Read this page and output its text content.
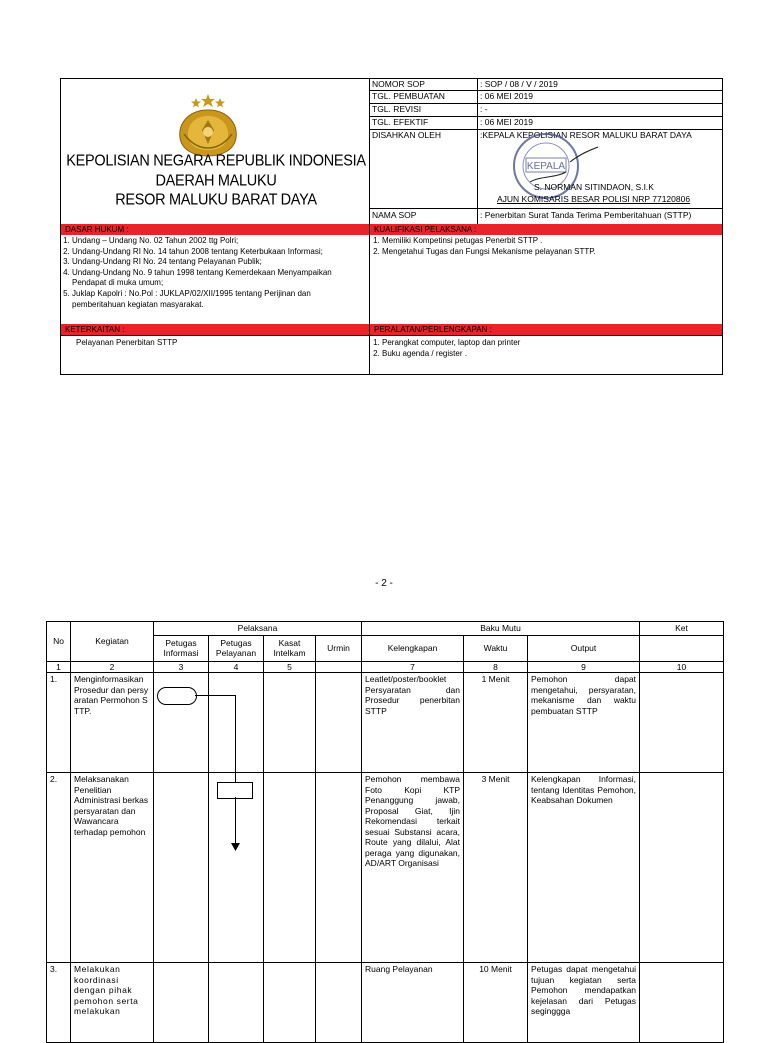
KEPOLISIAN NEGARA REPUBLIK INDONESIA
DAERAH MALUKU
RESOR MALUKU BARAT DAYA
NOMOR SOP	: SOP / 08 / V / 2019
TGL. PEMBUATAN	: 06 MEI 2019
TGL. REVISI	: -
TGL. EFEKTIF	: 06 MEI 2019
DISAHKAN OLEH	:KEPALA KEPOLISIAN RESOR MALUKU BARAT DAYA
KEPALA
S. NORMAN SITINDAON, S.I.K
AJUN KOMISARIS BESAR POLISI NRP 77120806
NAMA SOP	: Penerbitan Surat Tanda Terima Pemberitahuan (STTP)
DASAR HUKUM :	KUALIFIKASI PELAKSANA :
1. Undang – Undang No. 02 Tahun 2002 ttg Polri;
2. Undang-Undang RI No. 14 tahun 2008 tentang Keterbukaan Informasi;
3. Undang-Undang RI No. 24 tentang Pelayanan Publik;
4. Undang-Undang No. 9 tahun 1998 tentang Kemerdekaan Menyampaikan Pendapat di muka umum;
5. Juklap Kapolri : No.Pol : JUKLAP/02/XII/1995 tentang Perijinan dan pemberitahuan kegiatan masyarakat.
1. Memiliki Kompetinsi petugas Penerbit STTP .
2. Mengetahui Tugas dan Fungsi Mekanisme pelayanan STTP.
KETERKAITAN :	PERALATAN/PERLENGKAPAN :
Pelayanan Penerbitan STTP	1. Perangkat computer, laptop dan printer
2. Buku agenda / register .
- 2 -
No	Kegiatan	Pelaksana				Baku Mutu			Ket
		Petugas Informasi	Petugas Pelayanan	Kasat Intelkam	Urmin	Kelengkapan	Waktu	Output	
1	2	3	4	5		7	8	9	10
1.	Menginformasikan Prosedur dan persyaratan Permohon STTP.					Leatlet/poster/booklet Persyaratan dan Prosedur penerbitan STTP	1 Menit	Pemohon dapat mengetahui, persyaratan, mekanisme dan waktu pembuatan STTP	
2.	Melaksanakan Penelitian Administrasi berkas persyaratan dan Wawancara terhadap pemohon					Pemohon membawa Foto Kopi KTP Penanggung jawab, Proposal Giat, Ijin Rekomendasi terkait sesuai Substansi acara, Route yang dilalui, Alat peraga yang digunakan, AD/ART Organisasi	3 Menit	Kelengkapan Informasi, tentang Identitas Pemohon, Keabsahan Dokumen	
3.	Melakukan koordinasi dengan pihak pemohon serta melakukan					Ruang Pelayanan	10 Menit	Petugas dapat mengetahui tujuan kegiatan serta Pemohon mendapatkan kejelasan dari Petugas seginggga	
